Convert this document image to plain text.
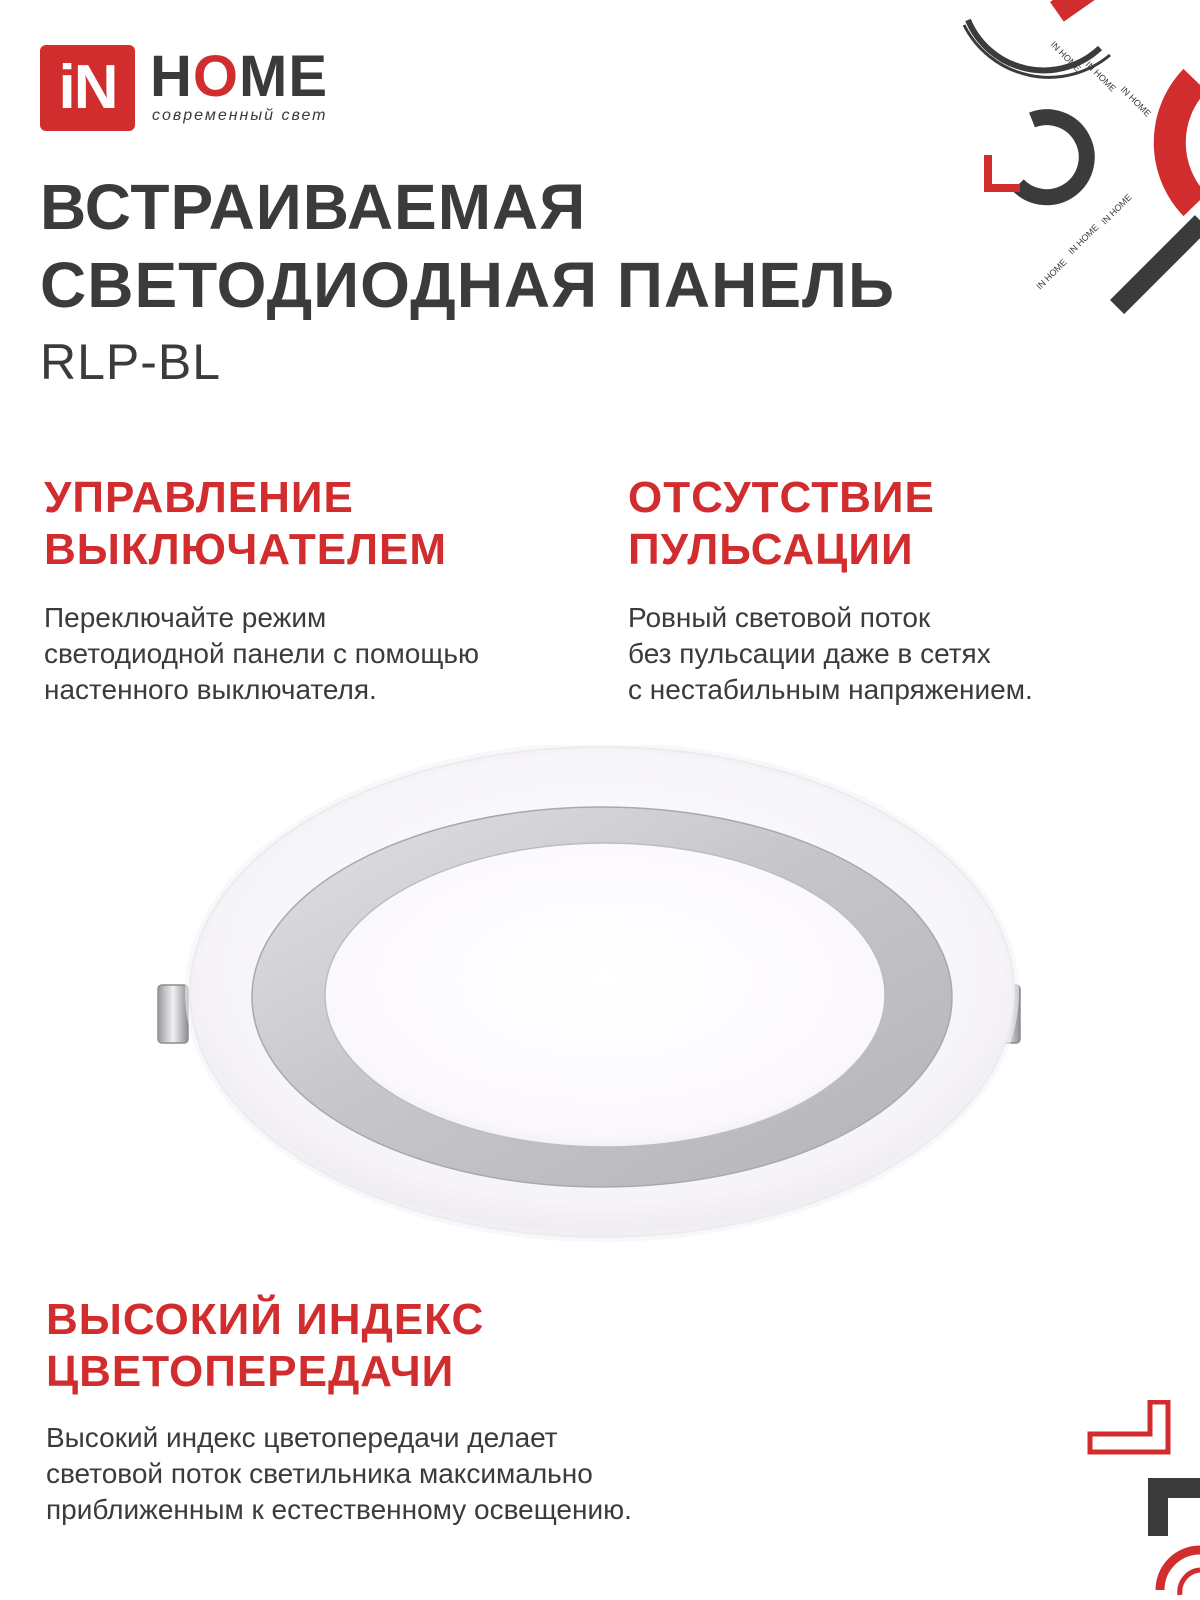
iN HOME
современный свет
IN HOME
IN HOME
IN HOME
IN HOME
IN HOME
IN HOME
ВСТРАИВАЕМАЯ
СВЕТОДИОДНАЯ ПАНЕЛЬ
RLP-BL
УПРАВЛЕНИЕ
ВЫКЛЮЧАТЕЛЕМ
Переключайте режим
светодиодной панели с помощью
настенного выключателя.
ОТСУТСТВИЕ
ПУЛЬСАЦИИ
Ровный световой поток
без пульсации даже в сетях
с нестабильным напряжением.
ВЫСОКИЙ ИНДЕКС
ЦВЕТОПЕРЕДАЧИ
Высокий индекс цветопередачи делает
световой поток светильника максимально
приближенным к естественному освещению.
